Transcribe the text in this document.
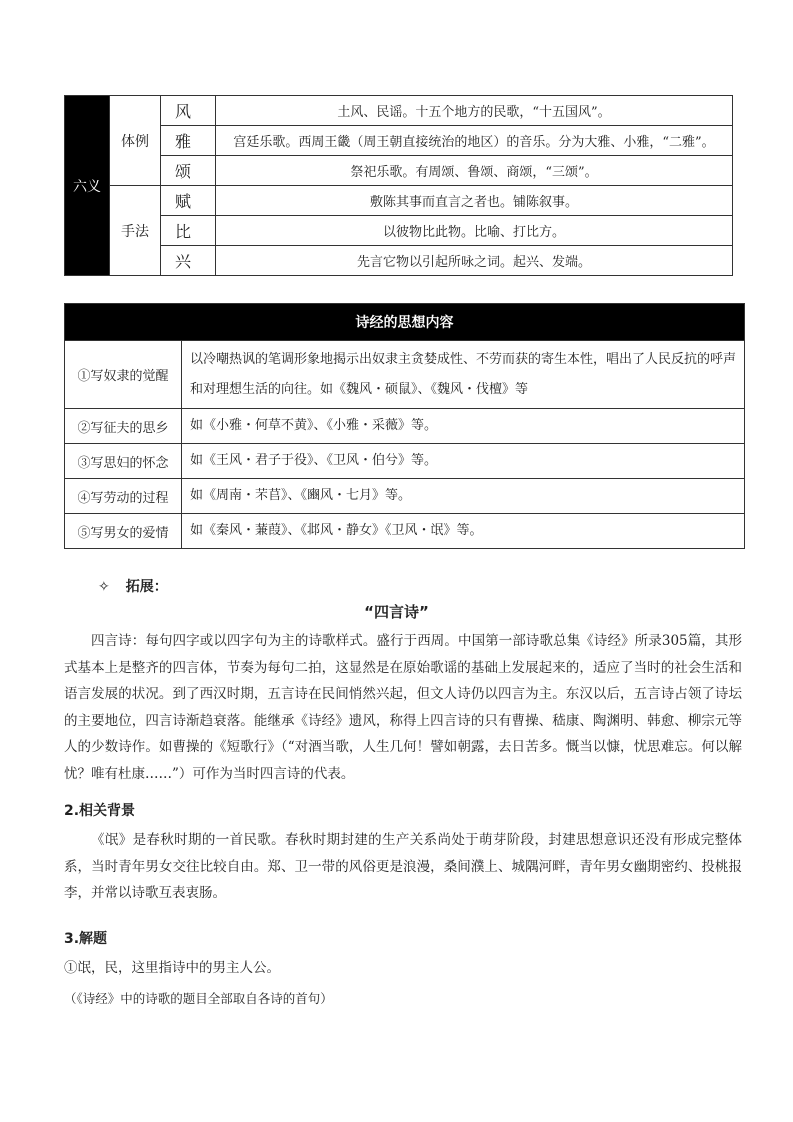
六义	体例	风	土风、民谣。十五个地方的民歌，“十五国风”。
		雅	宫廷乐歌。西周王畿（周王朝直接统治的地区）的音乐。分为大雅、小雅，“二雅”。
		颂	祭祀乐歌。有周颂、鲁颂、商颂，“三颂”。
	手法	赋	敷陈其事而直言之者也。铺陈叙事。
		比	以彼物比此物。比喻、打比方。
		兴	先言它物以引起所咏之词。起兴、发端。
诗经的思想内容	
①写奴隶的觉醒	以冷嘲热讽的笔调形象地揭示出奴隶主贪婪成性、不劳而获的寄生本性，唱出了人民反抗的呼声和对理想生活的向往。如《魏风・硕鼠》、《魏风・伐檀》等
②写征夫的思乡	如《小雅・何草不黄》、《小雅・采薇》等。
③写思妇的怀念	如《王风・君子于役》、《卫风・伯兮》等。
④写劳动的过程	如《周南・芣苢》、《豳风・七月》等。
⑤写男女的爱情	如《秦风・蒹葭》、《邶风・静女》《卫风・氓》等。
✧ 拓展：
“四言诗”

四言诗：每句四字或以四字句为主的诗歌样式。盛行于西周。中国第一部诗歌总集《诗经》所录305篇，其形式基本上是整齐的四言体，节奏为每句二拍，这显然是在原始歌谣的基础上发展起来的，适应了当时的社会生活和语言发展的状况。到了西汉时期，五言诗在民间悄然兴起，但文人诗仍以四言为主。东汉以后，五言诗占领了诗坛的主要地位，四言诗渐趋衰落。能继承《诗经》遗风，称得上四言诗的只有曹操、嵇康、陶渊明、韩愈、柳宗元等人的少数诗作。如曹操的《短歌行》（“对酒当歌，人生几何！譬如朝露，去日苦多。慨当以慷，忧思难忘。何以解忧？唯有杜康……”）可作为当时四言诗的代表。

2.相关背景

《氓》是春秋时期的一首民歌。春秋时期封建的生产关系尚处于萌芽阶段，封建思想意识还没有形成完整体系，当时青年男女交往比较自由。郑、卫一带的风俗更是浪漫，桑间濮上、城隅河畔，青年男女幽期密约、投桃报李，并常以诗歌互表衷肠。

3.解题
①氓，民，这里指诗中的男主人公。
（《诗经》中的诗歌的题目全部取自各诗的首句）
